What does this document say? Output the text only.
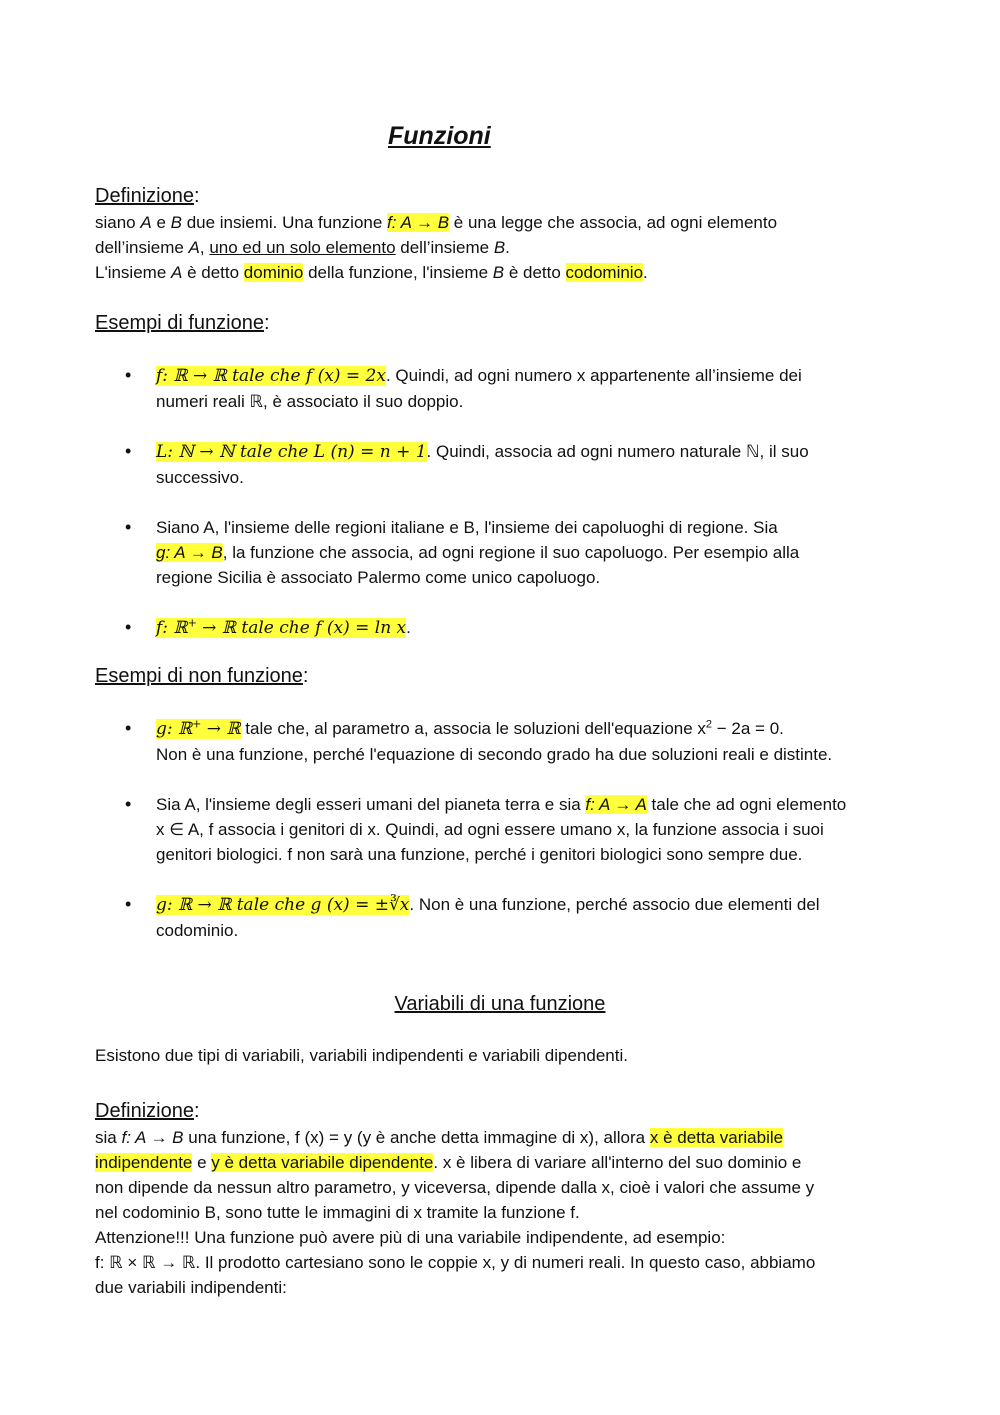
Funzioni
Definizione:
siano A e B due insiemi. Una funzione f: A → B è una legge che associa, ad ogni elemento
dell’insieme A, uno ed un solo elemento dell’insieme B.
L'insieme A è detto dominio della funzione, l'insieme B è detto codominio.
Esempi di funzione:
• f: ℝ → ℝ tale che f (x) = 2x. Quindi, ad ogni numero x appartenente all’insieme dei
numeri reali ℝ, è associato il suo doppio.
• L: ℕ → ℕ tale che L (n) = n + 1. Quindi, associa ad ogni numero naturale ℕ, il suo
successivo.
• Siano A, l'insieme delle regioni italiane e B, l'insieme dei capoluoghi di regione. Sia
g: A → B, la funzione che associa, ad ogni regione il suo capoluogo. Per esempio alla
regione Sicilia è associato Palermo come unico capoluogo.
• f: ℝ+ → ℝ tale che f (x) = ln x.
Esempi di non funzione:
• g: ℝ+ → ℝ tale che, al parametro a, associa le soluzioni dell'equazione $x^2 - 2a = 0$.
Non è una funzione, perché l'equazione di secondo grado ha due soluzioni reali e distinte.
• Sia A, l'insieme degli esseri umani del pianeta terra e sia f: A → A tale che ad ogni elemento
x ∈ A, f associa i genitori di x. Quindi, ad ogni essere umano x, la funzione associa i suoi
genitori biologici. f non sarà una funzione, perché i genitori biologici sono sempre due.
• g: ℝ → ℝ tale che g (x) = ±∛x. Non è una funzione, perché associo due elementi del
codominio.
Variabili di una funzione
Esistono due tipi di variabili, variabili indipendenti e variabili dipendenti.
Definizione:
sia f: A → B una funzione, f (x) = y (y è anche detta immagine di x), allora x è detta variabile
indipendente e y è detta variabile dipendente. x è libera di variare all'interno del suo dominio e
non dipende da nessun altro parametro, y viceversa, dipende dalla x, cioè i valori che assume y
nel codominio B, sono tutte le immagini di x tramite la funzione f.
Attenzione!!! Una funzione può avere più di una variabile indipendente, ad esempio:
f: ℝ × ℝ → ℝ. Il prodotto cartesiano sono le coppie x, y di numeri reali. In questo caso, abbiamo
due variabili indipendenti:
